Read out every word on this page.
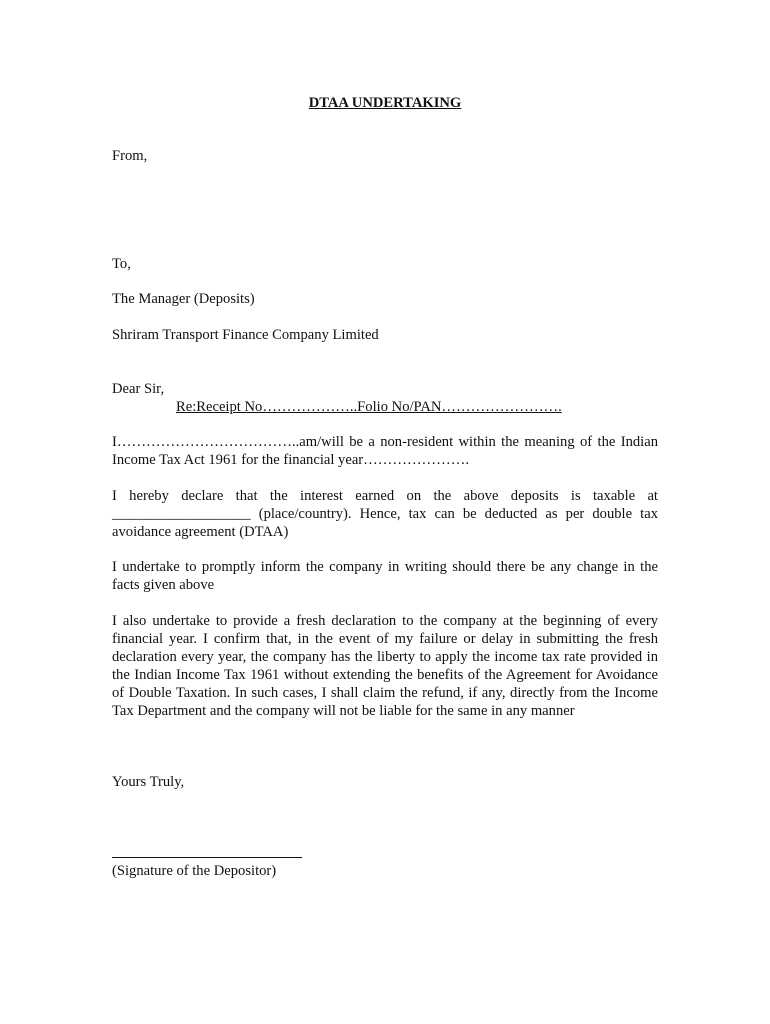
DTAA UNDERTAKING

From,

To,

The Manager (Deposits)

Shriram Transport Finance Company Limited

Dear Sir,

Re:Receipt No………………..Folio No/PAN…………………….

I………………………………..am/will be a non-resident within the meaning of the Indian Income Tax Act 1961 for the financial year………………….

I hereby declare that the interest earned on the above deposits is taxable at ___________________ (place/country). Hence, tax can be deducted as per double tax avoidance agreement (DTAA)

I undertake to promptly inform the company in writing should there be any change in the facts given above

I also undertake to provide a fresh declaration to the company at the beginning of every financial year. I confirm that, in the event of my failure or delay in submitting the fresh declaration every year, the company has the liberty to apply the income tax rate provided in the Indian Income Tax 1961 without extending the benefits of the Agreement for Avoidance of Double Taxation. In such cases, I shall claim the refund, if any, directly from the Income Tax Department and the company will not be liable for the same in any manner

Yours Truly,

(Signature of the Depositor)
